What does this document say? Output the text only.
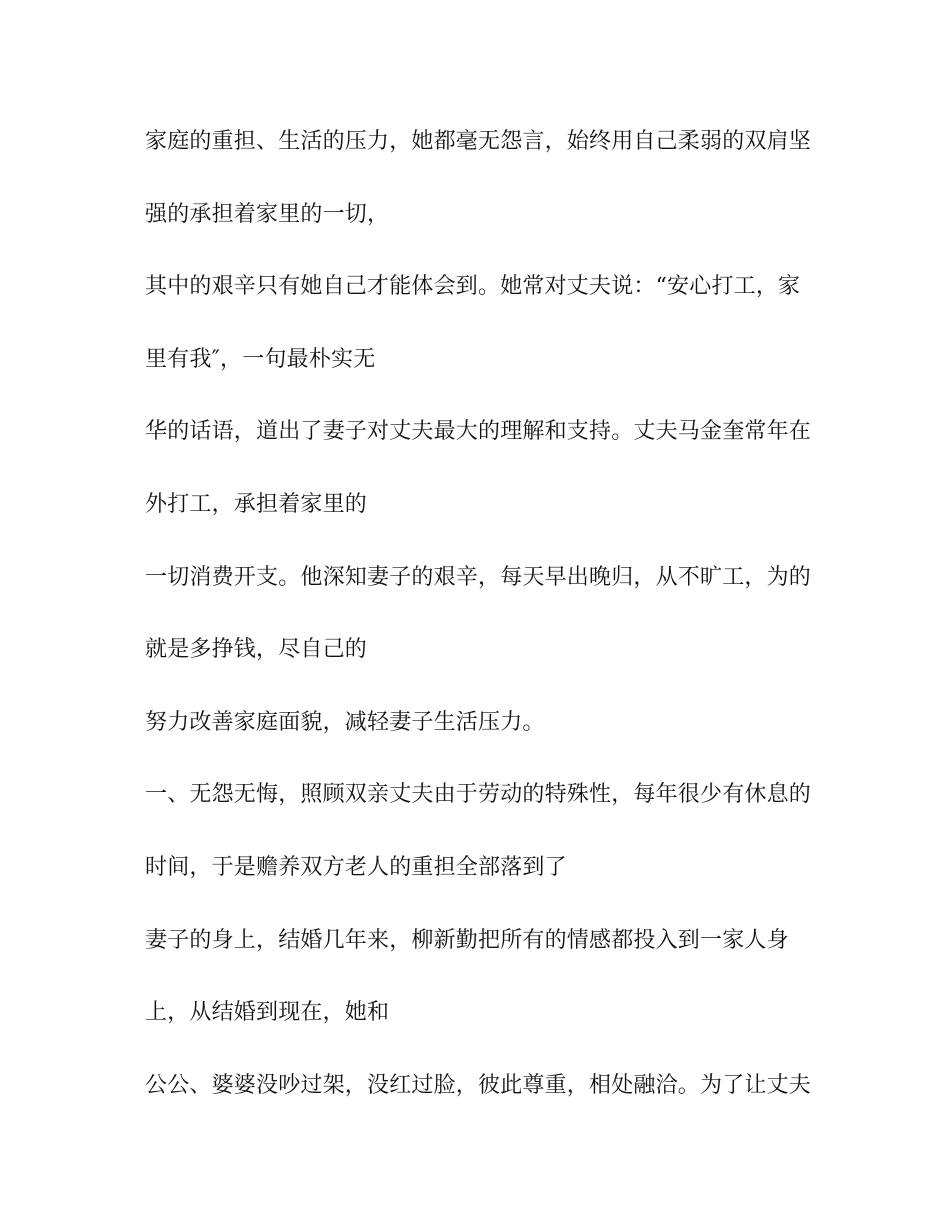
家庭的重担、生活的压力，她都毫无怨言，始终用自己柔弱的双肩坚
强的承担着家里的一切，
其中的艰辛只有她自己才能体会到。她常对丈夫说：“安心打工，家
里有我″，一句最朴实无
华的话语，道出了妻子对丈夫最大的理解和支持。丈夫马金奎常年在
外打工，承担着家里的
一切消费开支。他深知妻子的艰辛，每天早出晚归，从不旷工，为的
就是多挣钱，尽自己的
努力改善家庭面貌，减轻妻子生活压力。
一、无怨无悔，照顾双亲丈夫由于劳动的特殊性，每年很少有休息的
时间，于是赡养双方老人的重担全部落到了
妻子的身上，结婚几年来，柳新勤把所有的情感都投入到一家人身
上，从结婚到现在，她和
公公、婆婆没吵过架，没红过脸，彼此尊重，相处融洽。为了让丈夫
